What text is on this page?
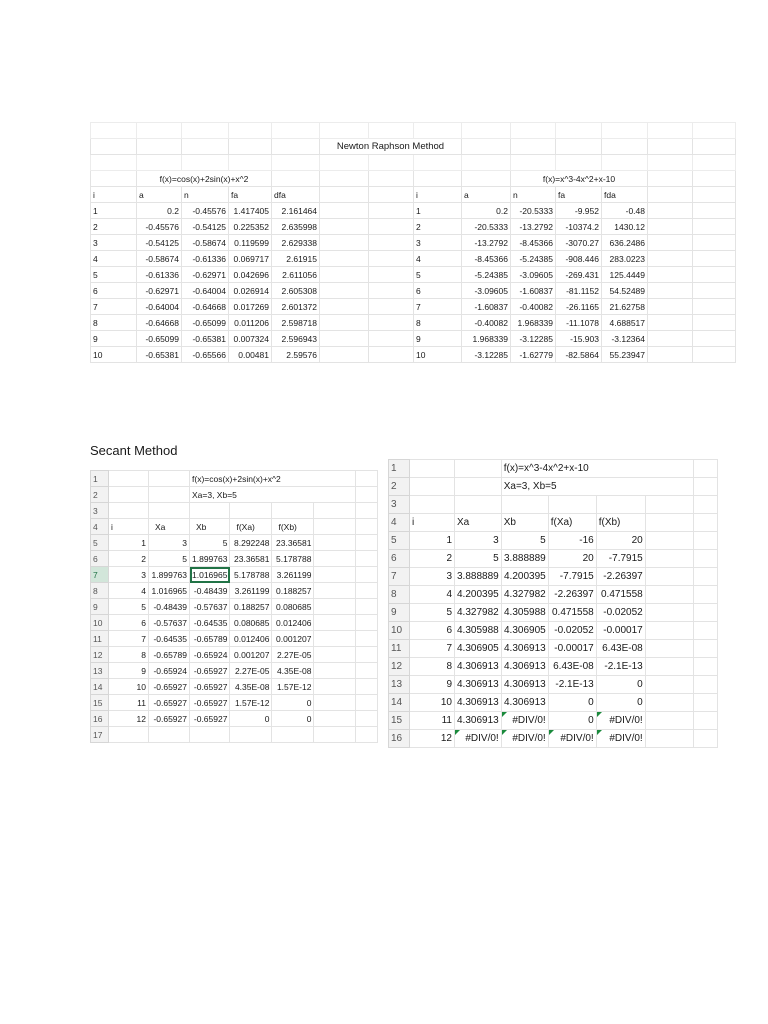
					Newton Raphson Method								

	f(x)=cos(x)+2sin(x)+x^2								f(x)=x^3-4x^2+x-10				
i	a	n	fa	dfa			i	a	n	fa	fda		
1	0.2	-0.45576	1.417405	2.161464			1	0.2	-20.5333	-9.952	-0.48		
2	-0.45576	-0.54125	0.225352	2.635998			2	-20.5333	-13.2792	-10374.2	1430.12		
3	-0.54125	-0.58674	0.119599	2.629338			3	-13.2792	-8.45366	-3070.27	636.2486		
4	-0.58674	-0.61336	0.069717	2.61915			4	-8.45366	-5.24385	-908.446	283.0223		
5	-0.61336	-0.62971	0.042696	2.611056			5	-5.24385	-3.09605	-269.431	125.4449		
6	-0.62971	-0.64004	0.026914	2.605308			6	-3.09605	-1.60837	-81.1152	54.52489		
7	-0.64004	-0.64668	0.017269	2.601372			7	-1.60837	-0.40082	-26.1165	21.62758		
8	-0.64668	-0.65099	0.011206	2.598718			8	-0.40082	1.968339	-11.1078	4.688517		
9	-0.65099	-0.65381	0.007324	2.596943			9	1.968339	-3.12285	-15.903	-3.12364		
10	-0.65381	-0.65566	0.00481	2.59576			10	-3.12285	-1.62779	-82.5864	55.23947		
Secant Method
1			f(x)=cos(x)+2sin(x)+x^2				
2			Xa=3, Xb=5				
3							
4	i	Xa	Xb	f(Xa)	f(Xb)		
5	1	3	5	8.292248	23.36581		
6	2	5	1.899763	23.36581	5.178788		
7	3	1.899763	1.016965	5.178788	3.261199		
8	4	1.016965	-0.48439	3.261199	0.188257		
9	5	-0.48439	-0.57637	0.188257	0.080685		
10	6	-0.57637	-0.64535	0.080685	0.012406		
11	7	-0.64535	-0.65789	0.012406	0.001207		
12	8	-0.65789	-0.65924	0.001207	2.27E-05		
13	9	-0.65924	-0.65927	2.27E-05	4.35E-08		
14	10	-0.65927	-0.65927	4.35E-08	1.57E-12		
15	11	-0.65927	-0.65927	1.57E-12	0		
16	12	-0.65927	-0.65927	0	0		
17							
1			f(x)=x^3-4x^2+x-10				
2			Xa=3, Xb=5				
3							
4	i	Xa	Xb	f(Xa)	f(Xb)		
5	1	3	5	-16	20		
6	2	5	3.888889	20	-7.7915		
7	3	3.888889	4.200395	-7.7915	-2.26397		
8	4	4.200395	4.327982	-2.26397	0.471558		
9	5	4.327982	4.305988	0.471558	-0.02052		
10	6	4.305988	4.306905	-0.02052	-0.00017		
11	7	4.306905	4.306913	-0.00017	6.43E-08		
12	8	4.306913	4.306913	6.43E-08	-2.1E-13		
13	9	4.306913	4.306913	-2.1E-13	0		
14	10	4.306913	4.306913	0	0		
15	11	4.306913	#DIV/0!	0	#DIV/0!		
16	12	#DIV/0!	#DIV/0!	#DIV/0!	#DIV/0!		
